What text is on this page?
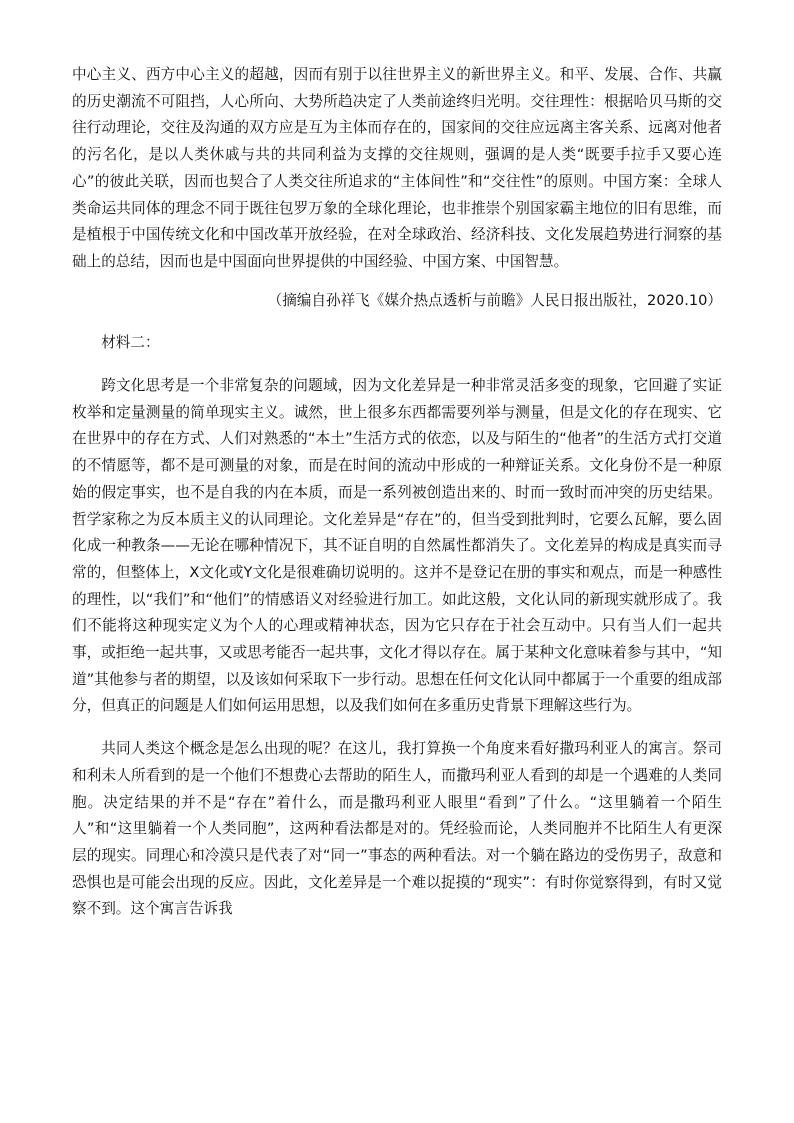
中心主义、西方中心主义的超越，因而有别于以往世界主义的新世界主义。和平、发展、合作、共赢的历史潮流不可阻挡，人心所向、大势所趋决定了人类前途终归光明。交往理性：根据哈贝马斯的交往行动理论，交往及沟通的双方应是互为主体而存在的，国家间的交往应远离主客关系、远离对他者的污名化，是以人类休戚与共的共同利益为支撑的交往规则，强调的是人类“既要手拉手又要心连心”的彼此关联，因而也契合了人类交往所追求的“主体间性”和“交往性”的原则。中国方案：全球人类命运共同体的理念不同于既往包罗万象的全球化理论，也非推崇个别国家霸主地位的旧有思维，而是植根于中国传统文化和中国改革开放经验，在对全球政治、经济科技、文化发展趋势进行洞察的基础上的总结，因而也是中国面向世界提供的中国经验、中国方案、中国智慧。

（摘编自孙祥飞《媒介热点透析与前瞻》人民日报出版社，2020.10）

材料二：

跨文化思考是一个非常复杂的问题域，因为文化差异是一种非常灵活多变的现象，它回避了实证枚举和定量测量的简单现实主义。诚然，世上很多东西都需要列举与测量，但是文化的存在现实、它在世界中的存在方式、人们对熟悉的“本土”生活方式的依恋，以及与陌生的“他者”的生活方式打交道的不情愿等，都不是可测量的对象，而是在时间的流动中形成的一种辩证关系。文化身份不是一种原始的假定事实，也不是自我的内在本质，而是一系列被创造出来的、时而一致时而冲突的历史结果。哲学家称之为反本质主义的认同理论。文化差异是“存在”的，但当受到批判时，它要么瓦解，要么固化成一种教条——无论在哪种情况下，其不证自明的自然属性都消失了。文化差异的构成是真实而寻常的，但整体上，X文化或Y文化是很难确切说明的。这并不是登记在册的事实和观点，而是一种感性的理性，以“我们”和“他们”的情感语义对经验进行加工。如此这般，文化认同的新现实就形成了。我们不能将这种现实定义为个人的心理或精神状态，因为它只存在于社会互动中。只有当人们一起共事，或拒绝一起共事，又或思考能否一起共事，文化才得以存在。属于某种文化意味着参与其中，“知道”其他参与者的期望，以及该如何采取下一步行动。思想在任何文化认同中都属于一个重要的组成部分，但真正的问题是人们如何运用思想，以及我们如何在多重历史背景下理解这些行为。

共同人类这个概念是怎么出现的呢？在这儿，我打算换一个角度来看好撒玛利亚人的寓言。祭司和利未人所看到的是一个他们不想费心去帮助的陌生人，而撒玛利亚人看到的却是一个遇难的人类同胞。决定结果的并不是“存在”着什么，而是撒玛利亚人眼里“看到”了什么。“这里躺着一个陌生人”和“这里躺着一个人类同胞”，这两种看法都是对的。凭经验而论，人类同胞并不比陌生人有更深层的现实。同理心和冷漠只是代表了对“同一”事态的两种看法。对一个躺在路边的受伤男子，敌意和恐惧也是可能会出现的反应。因此，文化差异是一个难以捉摸的“现实”：有时你觉察得到，有时又觉察不到。这个寓言告诉我
